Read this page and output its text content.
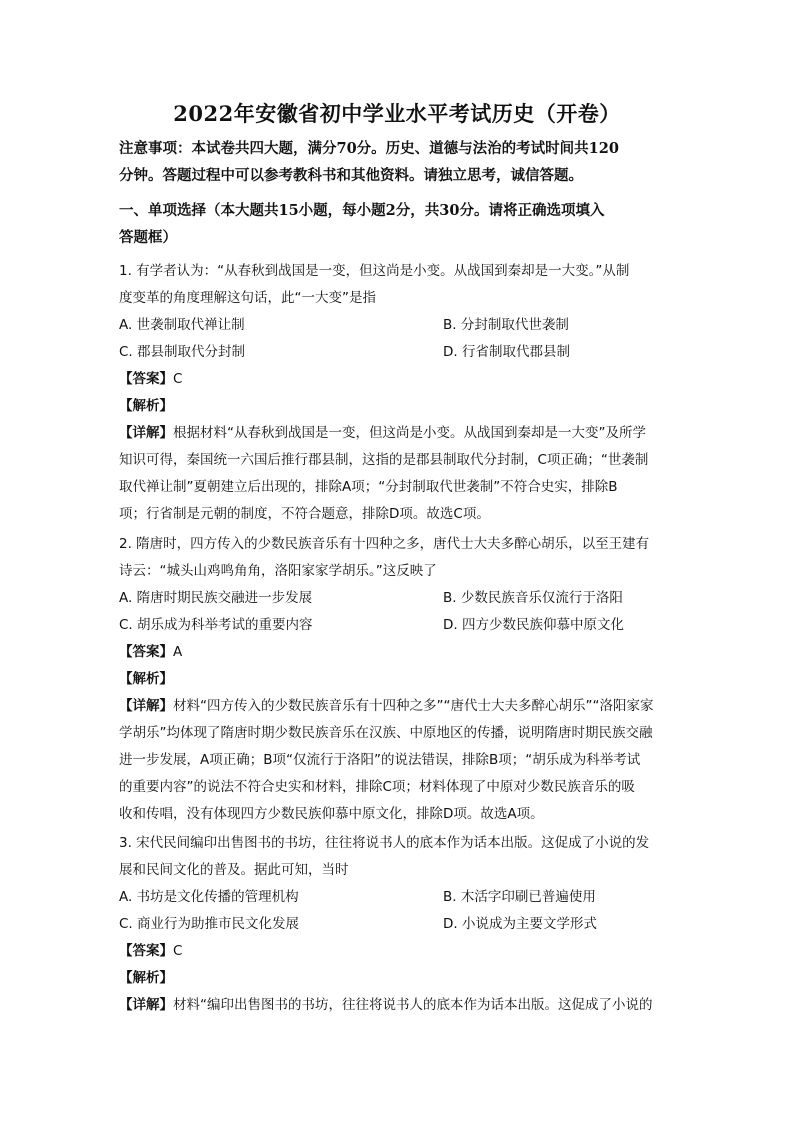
2022年安徽省初中学业水平考试历史（开卷）
注意事项：本试卷共四大题，满分70分。历史、道德与法治的考试时间共120
分钟。答题过程中可以参考教科书和其他资料。请独立思考，诚信答题。
一、单项选择（本大题共15小题，每小题2分，共30分。请将正确选项填入
答题框）
1. 有学者认为：“从春秋到战国是一变，但这尚是小变。从战国到秦却是一大变。”从制
度变革的角度理解这句话，此“一大变”是指
A. 世袭制取代禅让制	B. 分封制取代世袭制
C. 郡县制取代分封制	D. 行省制取代郡县制
【答案】C
【解析】
【详解】根据材料“从春秋到战国是一变，但这尚是小变。从战国到秦却是一大变”及所学
知识可得，秦国统一六国后推行郡县制，这指的是郡县制取代分封制，C项正确；“世袭制
取代禅让制”夏朝建立后出现的，排除A项；“分封制取代世袭制”不符合史实，排除B
项；行省制是元朝的制度，不符合题意，排除D项。故选C项。
2. 隋唐时，四方传入的少数民族音乐有十四种之多，唐代士大夫多醉心胡乐，以至王建有
诗云：“城头山鸡鸣角角，洛阳家家学胡乐。”这反映了
A. 隋唐时期民族交融进一步发展	B. 少数民族音乐仅流行于洛阳
C. 胡乐成为科举考试的重要内容	D. 四方少数民族仰慕中原文化
【答案】A
【解析】
【详解】材料“四方传入的少数民族音乐有十四种之多”“唐代士大夫多醉心胡乐”“洛阳家家
学胡乐”均体现了隋唐时期少数民族音乐在汉族、中原地区的传播，说明隋唐时期民族交融
进一步发展，A项正确；B项“仅流行于洛阳”的说法错误，排除B项；“胡乐成为科举考试
的重要内容”的说法不符合史实和材料，排除C项；材料体现了中原对少数民族音乐的吸
收和传唱，没有体现四方少数民族仰慕中原文化，排除D项。故选A项。
3. 宋代民间编印出售图书的书坊，往往将说书人的底本作为话本出版。这促成了小说的发
展和民间文化的普及。据此可知，当时
A. 书坊是文化传播的管理机构	B. 木活字印刷已普遍使用
C. 商业行为助推市民文化发展	D. 小说成为主要文学形式
【答案】C
【解析】
【详解】材料“编印出售图书的书坊，往往将说书人的底本作为话本出版。这促成了小说的
